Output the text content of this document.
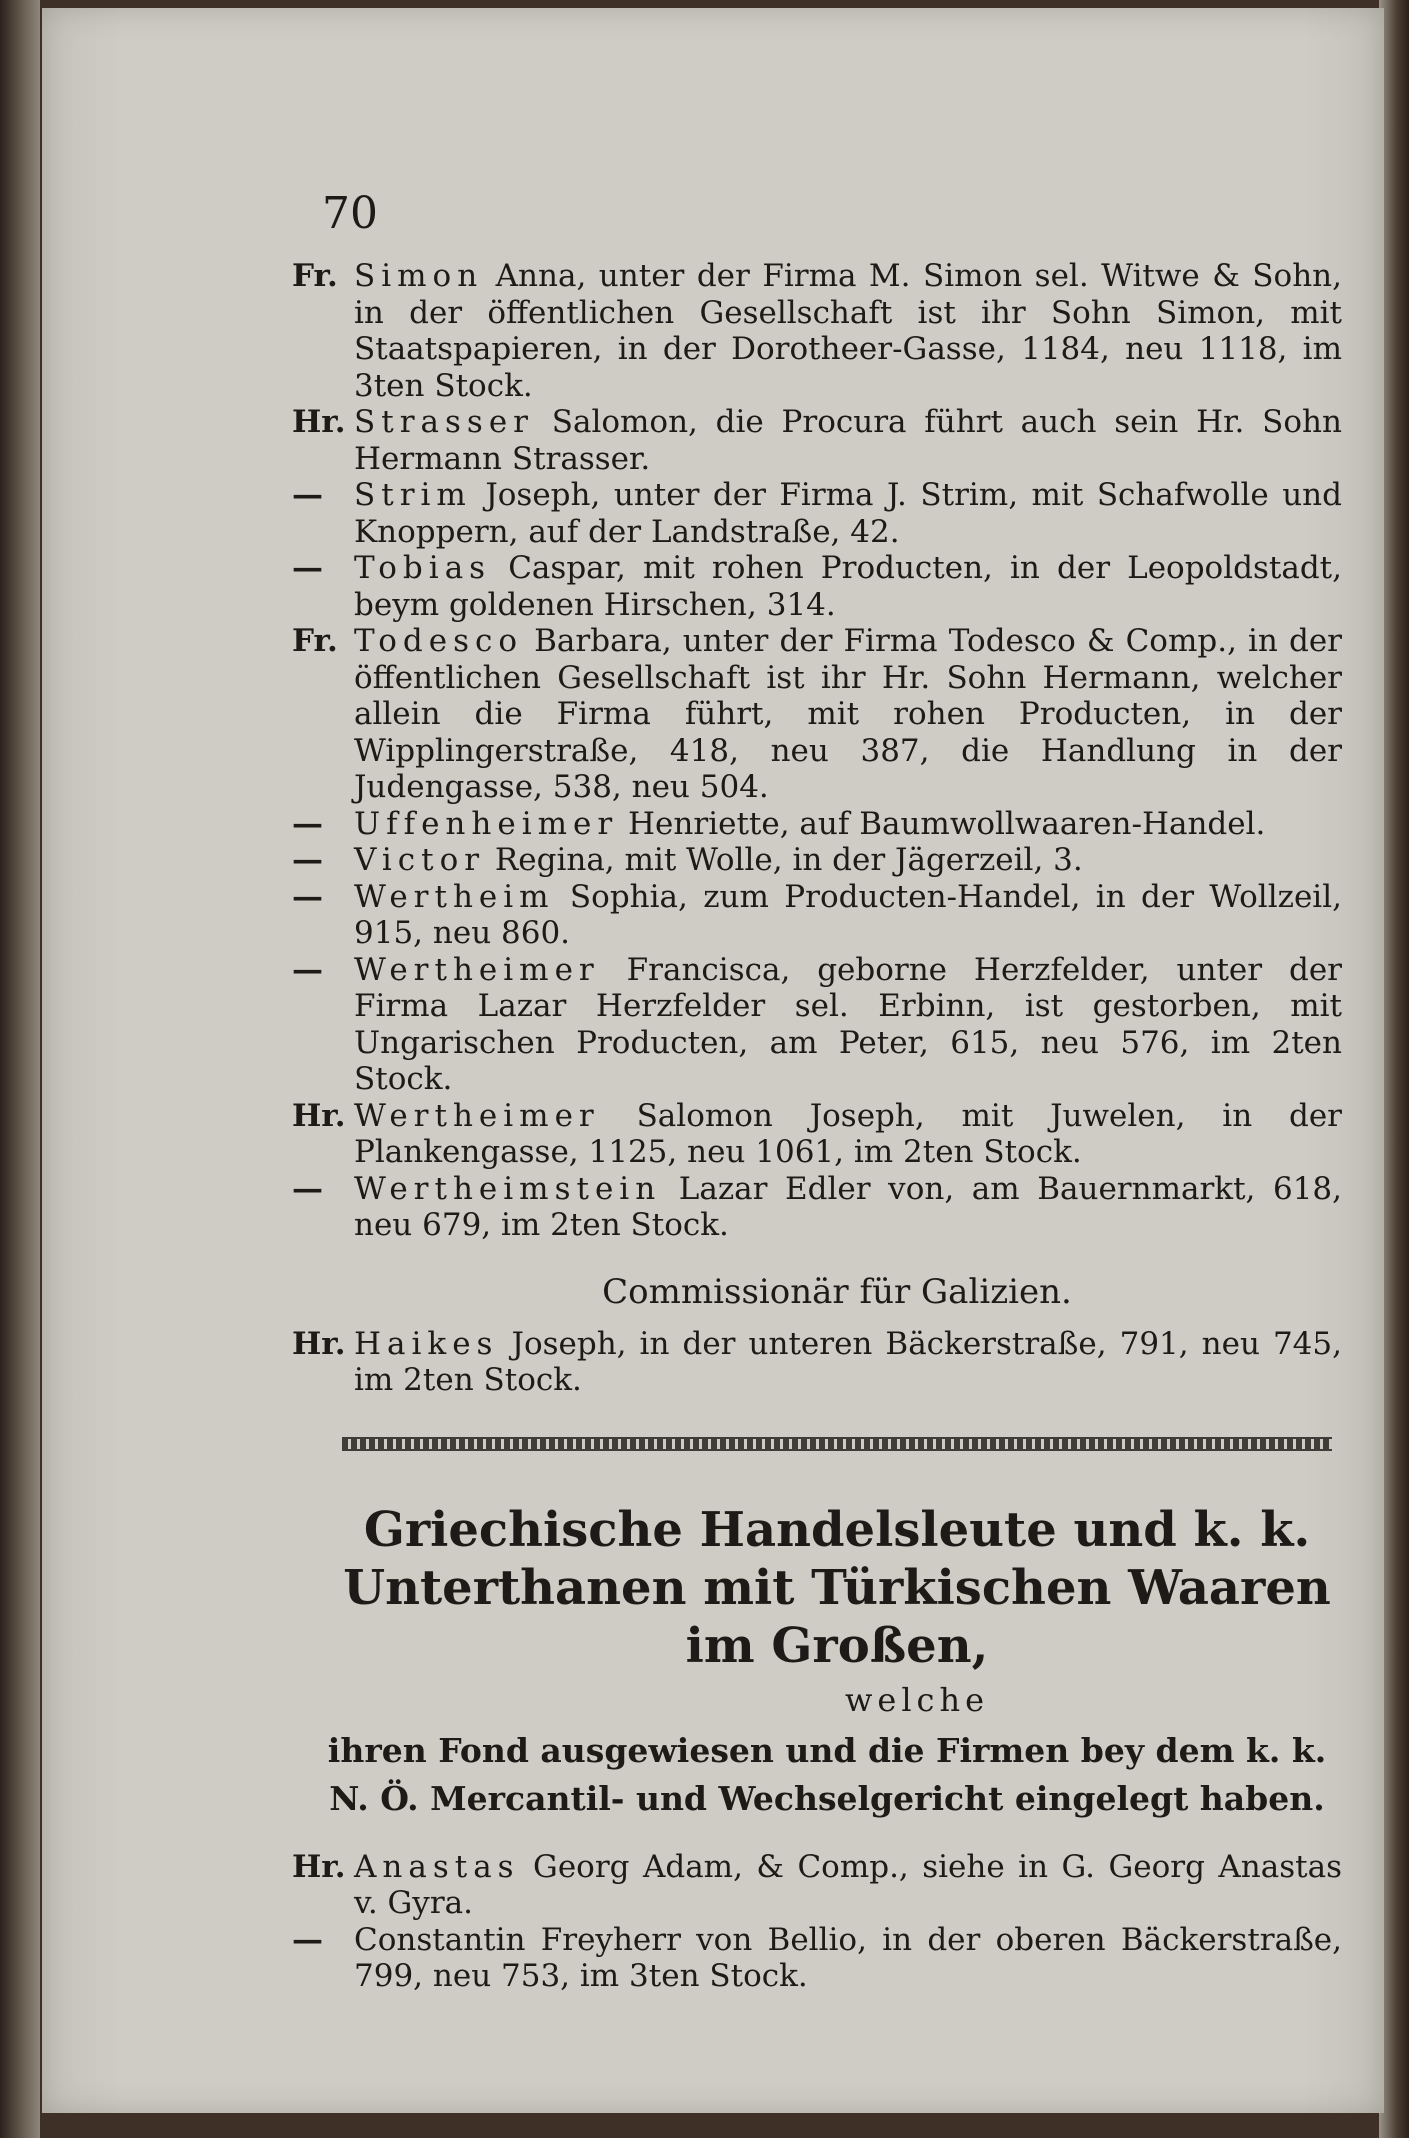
70
Fr. Simon Anna, unter der Firma M. Simon sel. Witwe & Sohn, in der öffentlichen Gesellschaft ist ihr Sohn Simon, mit Staatspapieren, in der Dorotheer-Gasse, 1184, neu 1118, im 3ten Stock.
Hr. Strasser Salomon, die Procura führt auch sein Hr. Sohn Hermann Strasser.
—	Strim Joseph, unter der Firma J. Strim, mit Schafwolle und Knoppern, auf der Landstraße, 42.
—	Tobias Caspar, mit rohen Producten, in der Leopoldstadt, beym goldenen Hirschen, 314.
Fr. Todesco Barbara, unter der Firma Todesco & Comp., in der öffentlichen Gesellschaft ist ihr Hr. Sohn Hermann, welcher allein die Firma führt, mit rohen Producten, in der Wipplingerstraße, 418, neu 387, die Handlung in der Judengasse, 538, neu 504.
—	Uffenheimer Henriette, auf Baumwollwaaren-Handel.
—	Victor Regina, mit Wolle, in der Jägerzeil, 3.
—	Wertheim Sophia, zum Producten-Handel, in der Wollzeil, 915, neu 860.
—	Wertheimer Francisca, geborne Herzfelder, unter der Firma Lazar Herzfelder sel. Erbinn, ist gestorben, mit Ungarischen Producten, am Peter, 615, neu 576, im 2ten Stock.
Hr. Wertheimer Salomon Joseph, mit Juwelen, in der Plankengasse, 1125, neu 1061, im 2ten Stock.
—	Wertheimstein Lazar Edler von, am Bauernmarkt, 618, neu 679, im 2ten Stock.
Commissionär für Galizien.
Hr. Haikes Joseph, in der unteren Bäckerstraße, 791, neu 745, im 2ten Stock.
Griechische Handelsleute und k. k. Unterthanen mit Türkischen Waaren im Großen,
welche
ihren Fond ausgewiesen und die Firmen bey dem k. k. N. Ö. Mercantil- und Wechselgericht eingelegt haben.
Hr. Anastas Georg Adam, & Comp., siehe in G. Georg Anastas v. Gyra.
—	Constantin Freyherr von Bellio, in der oberen Bäckerstraße, 799, neu 753, im 3ten Stock.
